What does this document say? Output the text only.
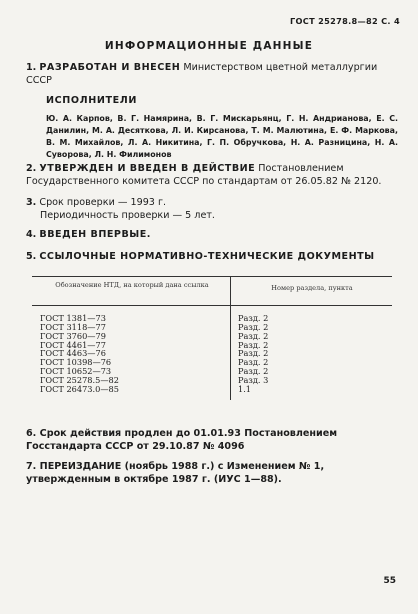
ГОСТ 25278.8—82 С. 4
ИНФОРМАЦИОННЫЕ ДАННЫЕ
1. РАЗРАБОТАН И ВНЕСЕН Министерством цветной металлургии СССР
ИСПОЛНИТЕЛИ
Ю. А. Карпов, В. Г. Намярина, В. Г. Мискарьянц, Г. Н. Андрианова, Е. С. Данилин, М. А. Десяткова, Л. И. Кирсанова, Т. М. Малютина, Е. Ф. Маркова, В. М. Михайлов, Л. А. Никитина, Г. П. Обручкова, Н. А. Разницина, Н. А. Суворова, Л. Н. Филимонов
2. УТВЕРЖДЕН И ВВЕДЕН В ДЕЙСТВИЕ Постановлением Государственного комитета СССР по стандартам от 26.05.82 № 2120.
3. Срок проверки — 1993 г.
Периодичность проверки — 5 лет.
4. ВВЕДЕН ВПЕРВЫЕ.
5. ССЫЛОЧНЫЕ НОРМАТИВНО-ТЕХНИЧЕСКИЕ ДОКУМЕНТЫ
Обозначение НТД, на который дана ссылка	Номер раздела, пункта
ГОСТ 1381—73
ГОСТ 3118—77
ГОСТ 3760—79
ГОСТ 4461—77
ГОСТ 4463—76
ГОСТ 10398—76
ГОСТ 10652—73
ГОСТ 25278.5—82
ГОСТ 26473.0—85
Разд. 2
Разд. 2
Разд. 2
Разд. 2
Разд. 2
Разд. 2
Разд. 2
Разд. 3
1.1
6. Срок действия продлен до 01.01.93 Постановлением Госстандарта СССР от 29.10.87 № 4096
7. ПЕРЕИЗДАНИЕ (ноябрь 1988 г.) с Изменением № 1, утвержденным в октябре 1987 г. (ИУС 1—88).
55
